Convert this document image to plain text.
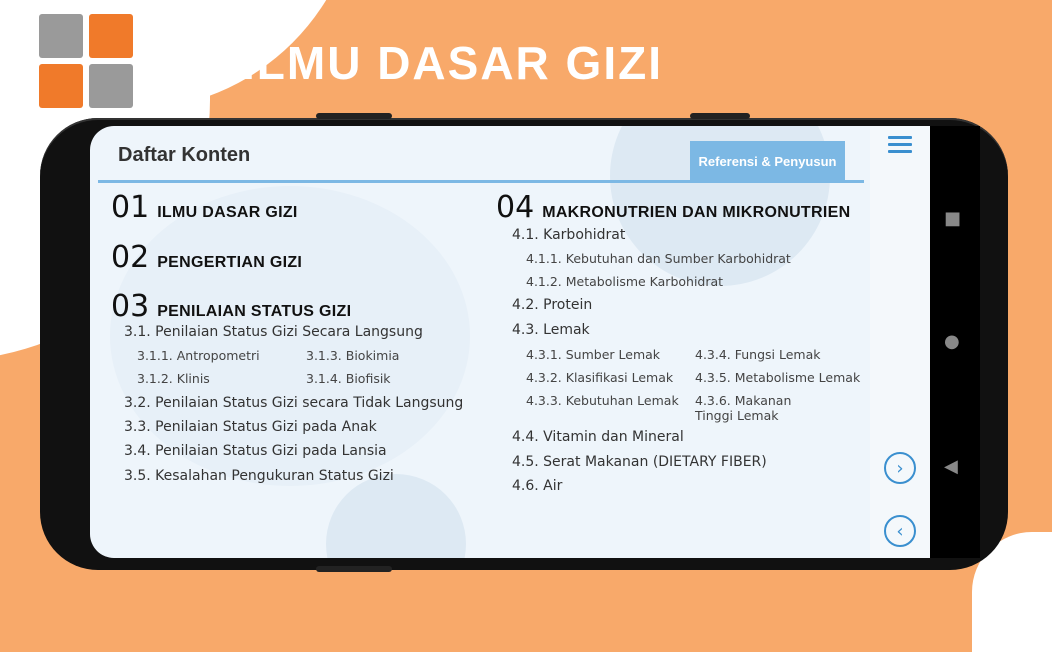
ILMU DASAR GIZI
■
●
◀
Daftar Konten	Referensi & Penyusun
›
‹
01 ILMU DASAR GIZI
02 PENGERTIAN GIZI
03 PENILAIAN STATUS GIZI
3.1. Penilaian Status Gizi Secara Langsung
3.1.1. Antropometri	3.1.3. Biokimia
3.1.2. Klinis	3.1.4. Biofisik
3.2. Penilaian Status Gizi secara Tidak Langsung
3.3. Penilaian Status Gizi pada Anak
3.4. Penilaian Status Gizi pada Lansia
3.5. Kesalahan Pengukuran Status Gizi
04 MAKRONUTRIEN DAN MIKRONUTRIEN
4.1. Karbohidrat
4.1.1. Kebutuhan dan Sumber Karbohidrat
4.1.2. Metabolisme Karbohidrat
4.2. Protein
4.3. Lemak
4.3.1. Sumber Lemak	4.3.4. Fungsi Lemak
4.3.2. Klasifikasi Lemak 4.3.5. Metabolisme Lemak
4.3.3. Kebutuhan Lemak 4.3.6. Makanan Tinggi Lemak
4.4. Vitamin dan Mineral
4.5. Serat Makanan (DIETARY FIBER)
4.6. Air
